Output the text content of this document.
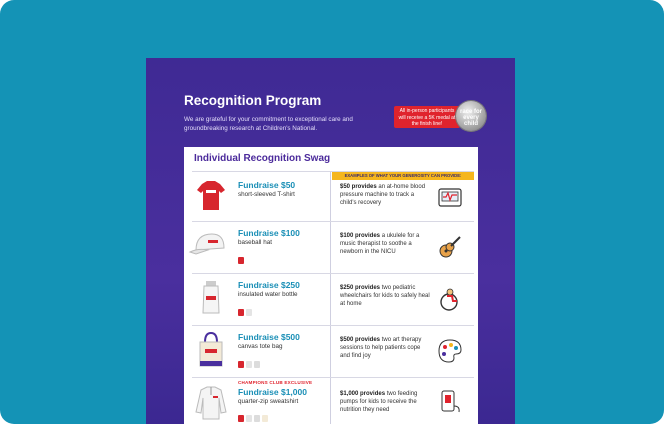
Recognition Program
We are grateful for your commitment to exceptional care and groundbreaking research at Children's National.
All in-person participants will receive a 5K medal at the finish line!
race for every child
Individual Recognition Swag
EXAMPLES OF WHAT YOUR GENEROSITY CAN PROVIDE:
Fundraise $50
short-sleeved T-shirt
$50 provides an at-home blood pressure machine to track a child's recovery
Fundraise $100
baseball hat
$100 provides a ukulele for a music therapist to soothe a newborn in the NICU
Fundraise $250
insulated water bottle
$250 provides two pediatric wheelchairs for kids to safely heal at home
Fundraise $500
canvas tote bag
$500 provides two art therapy sessions to help patients cope and find joy
CHAMPIONS CLUB EXCLUSIVE
Fundraise $1,000
quarter-zip sweatshirt
$1,000 provides two feeding pumps for kids to receive the nutrition they need
